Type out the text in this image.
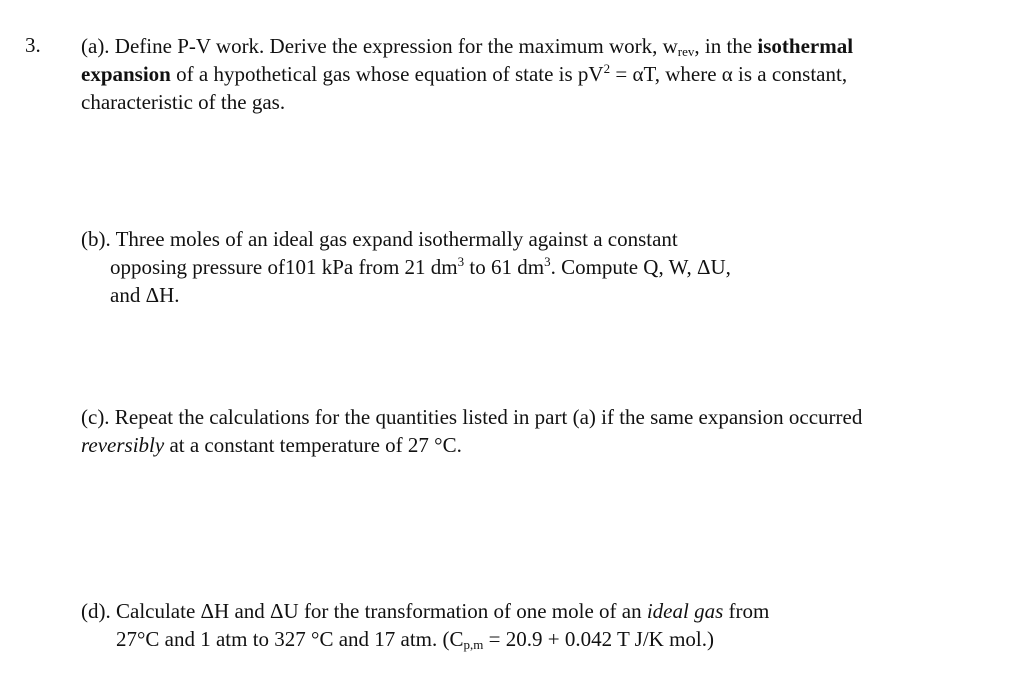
3. (a). Define P-V work. Derive the expression for the maximum work, $w_{rev}$, in the isothermal
expansion of a hypothetical gas whose equation of state is $pV^2 = \alpha T$, where α is a constant,
characteristic of the gas.
(b). Three moles of an ideal gas expand isothermally against a constant
opposing pressure of101 kPa from 21 $dm^3$ to 61 $dm^3$. Compute Q, W, ΔU,
and ΔH.
(c). Repeat the calculations for the quantities listed in part (a) if the same expansion occurred
reversibly at a constant temperature of 27 °C.
(d). Calculate ΔH and ΔU for the transformation of one mole of an ideal gas from
27°C and 1 atm to 327 °C and 17 atm. ($C_{p,m} = 20.9 + 0.042$ T J/K mol.)
